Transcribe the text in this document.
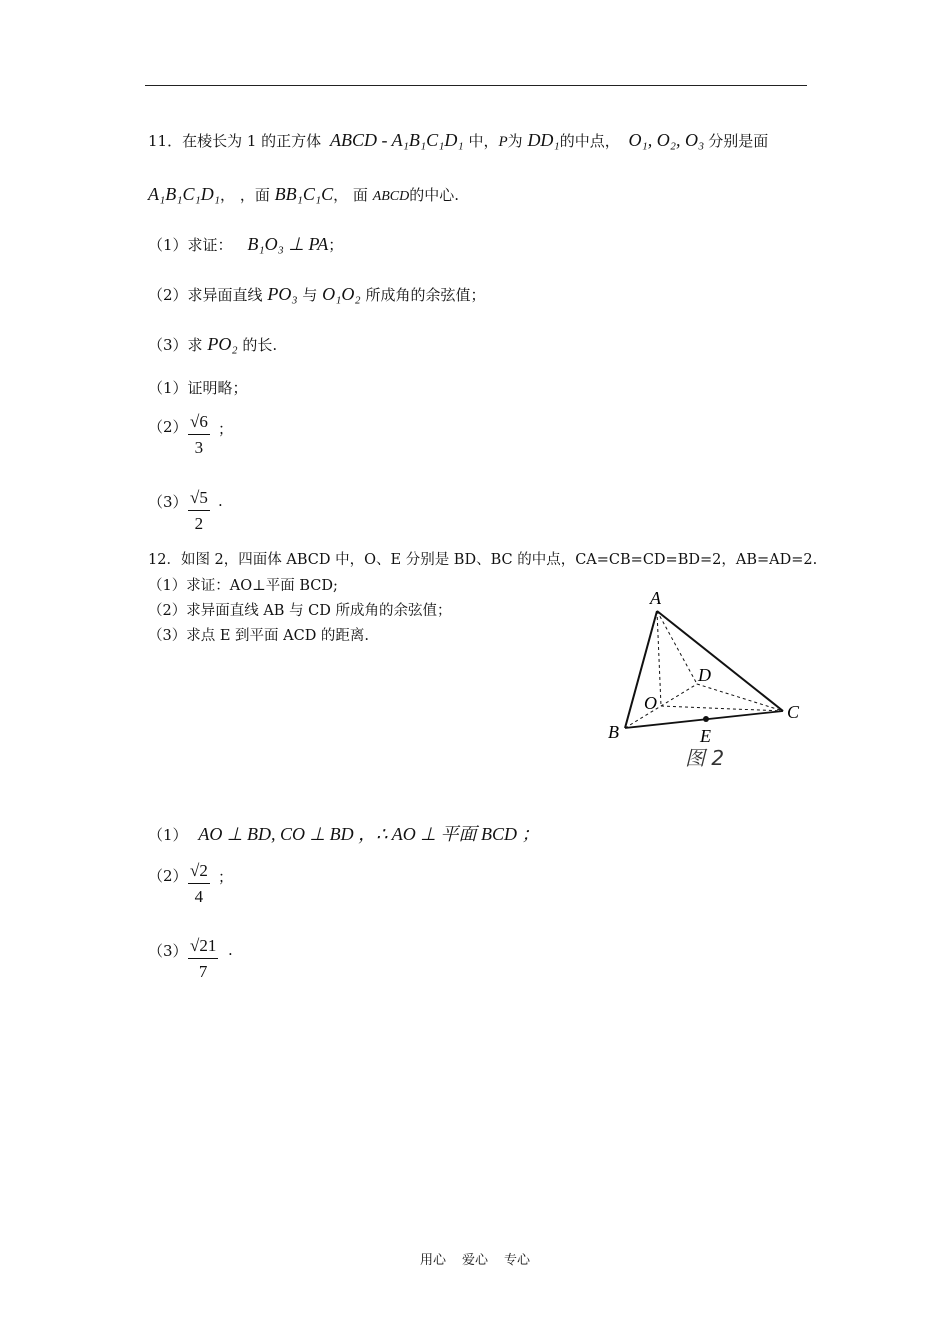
11．在棱长为 1 的正方体 ABCD - A₁B₁C₁D₁ 中，P为 DD₁的中点， O₁, O₂, O₃ 分别是面
A₁B₁C₁D₁， ，面 BB₁C₁C， 面 ABCD的中心.
（1）求证： B₁O₃ ⊥ PA；
（2）求异面直线 PO₃ 与 O₁O₂ 所成角的余弦值；
（3）求 PO₂ 的长.
（1）证明略；
$(2) \frac{√6}{3}$ ；
$(3) \frac{√5}{2}$ .
12．如图 2，四面体 ABCD 中，O、E 分别是 BD、BC 的中点，CA=CB=CD=BD=2，AB=AD=2.
（1）求证：AO⊥平面 BCD;
（2）求异面直线 AB 与 CD 所成角的余弦值；
（3）求点 E 到平面 ACD 的距离.
A
B
C
D
O
E
图 2
（1） AO ⊥ BD, CO ⊥ BD ，∴ AO ⊥ 平面 BCD ；
$(2) \frac{√2}{4}$ ；
$(3) \frac{√21}{7}$ .
用心 爱心 专心
